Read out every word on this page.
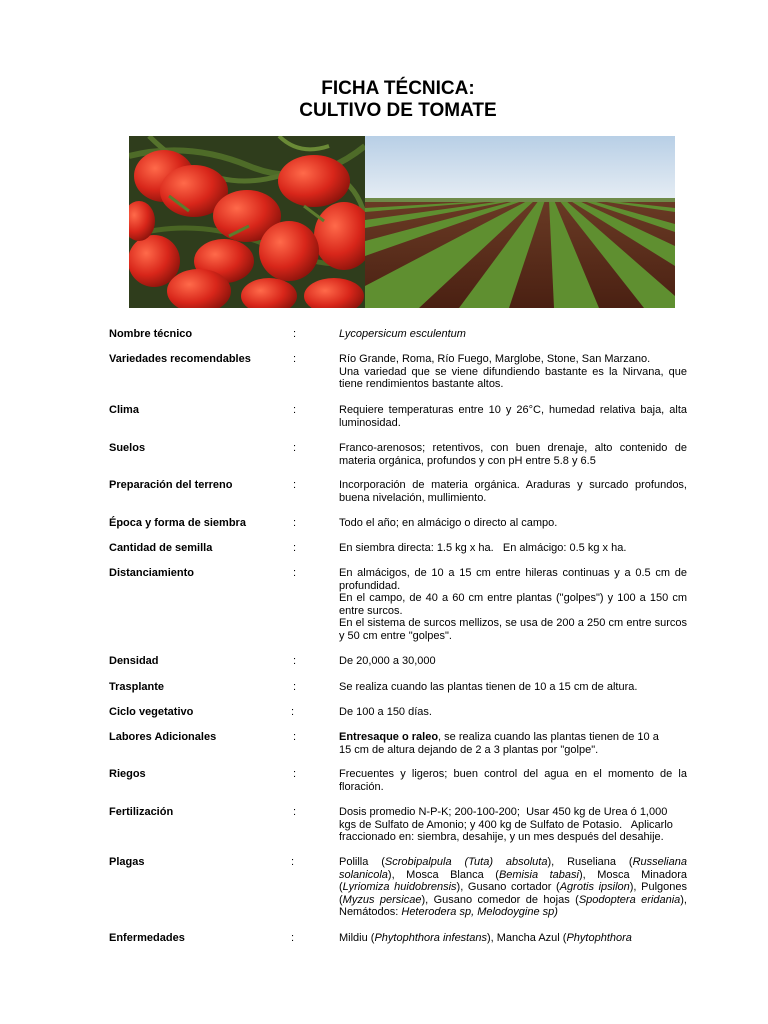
FICHA TÉCNICA:
CULTIVO DE TOMATE
Nombre técnico	:	Lycopersicum esculentum
Variedades recomendables	:	Río Grande, Roma, Río Fuego, Marglobe, Stone, San Marzano.
Una variedad que se viene difundiendo bastante es la Nirvana, que tiene rendimientos bastante altos.
Clima	:	Requiere temperaturas entre 10 y 26°C, humedad relativa baja, alta luminosidad.
Suelos	:	Franco-arenosos; retentivos, con buen drenaje, alto contenido de materia orgánica, profundos y con pH entre 5.8 y 6.5
Preparación del terreno	:	Incorporación de materia orgánica. Araduras y surcado profundos, buena nivelación, mullimiento.
Época y forma de siembra	:	Todo el año; en almácigo o directo al campo.
Cantidad de semilla	:	En siembra directa: 1.5 kg x ha.   En almácigo: 0.5 kg x ha.
Distanciamiento	:	En almácigos, de 10 a 15 cm entre hileras continuas y a 0.5 cm de profundidad.
En el campo, de 40 a 60 cm entre plantas ("golpes") y 100 a 150 cm entre surcos.
En el sistema de surcos mellizos, se usa de 200 a 250 cm entre surcos y 50 cm entre "golpes".
Densidad	:	De 20,000 a 30,000
Trasplante	:	Se realiza cuando las plantas tienen de 10 a 15 cm de altura.
Ciclo vegetativo	:	De 100 a 150 días.
Labores Adicionales	:	Entresaque o raleo, se realiza cuando las plantas tienen de 10 a 15 cm de altura dejando de 2 a 3 plantas por "golpe".
Riegos	:	Frecuentes y ligeros; buen control del agua en el momento de la floración.
Fertilización	:	Dosis promedio N-P-K; 200-100-200;  Usar 450 kg de Urea ó 1,000 kgs de Sulfato de Amonio; y 400 kg de Sulfato de Potasio.   Aplicarlo fraccionado en: siembra, desahije, y un mes después del desahije.
Plagas	:	Polilla (Scrobipalpula (Tuta) absoluta), Ruseliana (Russeliana solanicola), Mosca Blanca (Bemisia tabasi), Mosca Minadora (Lyriomiza huidobrensis), Gusano cortador (Agrotis ipsilon), Pulgones (Myzus persicae), Gusano comedor de hojas (Spodoptera eridania), Nemátodos: Heterodera sp, Melodoygine sp)
Enfermedades	:	Mildiu (Phytophthora infestans), Mancha Azul (Phytophthora
